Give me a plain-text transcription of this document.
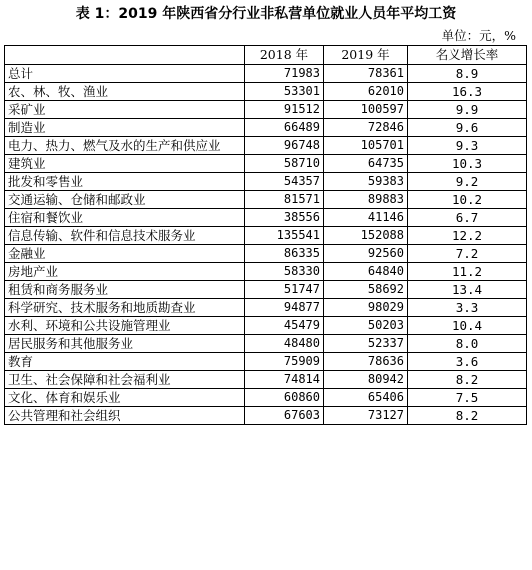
表 1：2019 年陕西省分行业非私营单位就业人员年平均工资
单位：元，%
	2018 年	2019 年	名义增长率
总计	71983	78361	8.9
农、林、牧、渔业	53301	62010	16.3
采矿业	91512	100597	9.9
制造业	66489	72846	9.6
电力、热力、燃气及水的生产和供应业	96748	105701	9.3
建筑业	58710	64735	10.3
批发和零售业	54357	59383	9.2
交通运输、仓储和邮政业	81571	89883	10.2
住宿和餐饮业	38556	41146	6.7
信息传输、软件和信息技术服务业	135541	152088	12.2
金融业	86335	92560	7.2
房地产业	58330	64840	11.2
租赁和商务服务业	51747	58692	13.4
科学研究、技术服务和地质勘查业	94877	98029	3.3
水利、环境和公共设施管理业	45479	50203	10.4
居民服务和其他服务业	48480	52337	8.0
教育	75909	78636	3.6
卫生、社会保障和社会福利业	74814	80942	8.2
文化、体育和娱乐业	60860	65406	7.5
公共管理和社会组织	67603	73127	8.2
